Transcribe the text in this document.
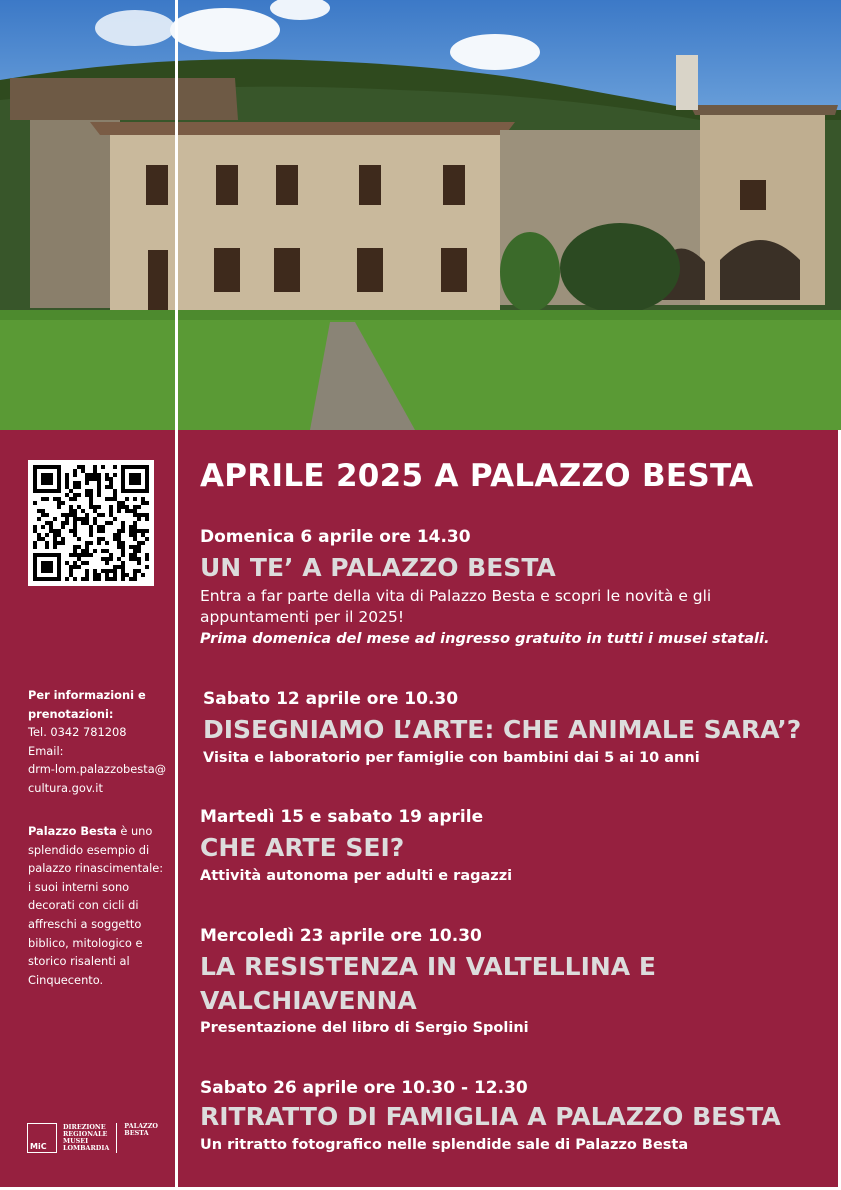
Per informazioni e
prenotazioni:
Tel. 0342 781208
Email:
drm-lom.palazzobesta@
cultura.gov.it
Palazzo Besta è uno
splendido esempio di
palazzo rinascimentale:
i suoi interni sono
decorati con cicli di
affreschi a soggetto
biblico, mitologico e
storico risalenti al
Cinquecento.
MiC
DIREZIONE
REGIONALE
MUSEI
LOMBARDIA
PALAZZO
BESTA
APRILE 2025 A PALAZZO BESTA
Domenica 6 aprile ore 14.30
UN TE’ A PALAZZO BESTA
Entra a far parte della vita di Palazzo Besta e scopri le novità e gli
appuntamenti per il 2025!
Prima domenica del mese ad ingresso gratuito in tutti i musei statali.
Sabato 12 aprile ore 10.30
DISEGNIAMO L’ARTE: CHE ANIMALE SARA’?
Visita e laboratorio per famiglie con bambini dai 5 ai 10 anni
Martedì 15 e sabato 19 aprile
CHE ARTE SEI?
Attività autonoma per adulti e ragazzi
Mercoledì 23 aprile ore 10.30
LA RESISTENZA IN VALTELLINA E
VALCHIAVENNA
Presentazione del libro di Sergio Spolini
Sabato 26 aprile ore 10.30 - 12.30
RITRATTO DI FAMIGLIA A PALAZZO BESTA
Un ritratto fotografico nelle splendide sale di Palazzo Besta
